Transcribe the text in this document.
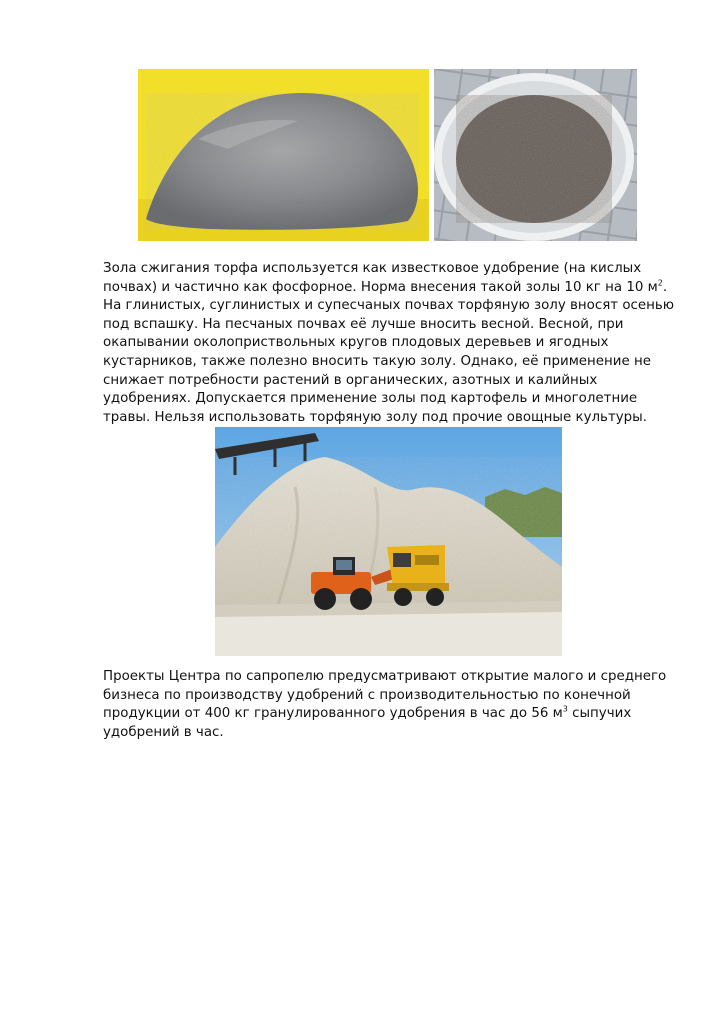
Зола сжигания торфа используется как известковое удобрение (на кислых
почвах) и частично как фосфорное. Норма внесения такой золы 10 кг на 10 $м^2$.
На глинистых, суглинистых и супесчаных почвах торфяную золу вносят осенью
под вспашку. На песчаных почвах её лучше вносить весной. Весной, при
окапывании околоприствольных кругов плодовых деревьев и ягодных
кустарников, также полезно вносить такую золу. Однако, её применение не
снижает потребности растений в органических, азотных и калийных
удобрениях. Допускается применение золы под картофель и многолетние
травы. Нельзя использовать торфяную золу под прочие овощные культуры.

Проекты Центра по сапропелю предусматривают открытие малого и среднего
бизнеса по производству удобрений с производительностью по конечной
продукции от 400 кг гранулированного удобрения в час до 56 $м^3$ сыпучих
удобрений в час.
